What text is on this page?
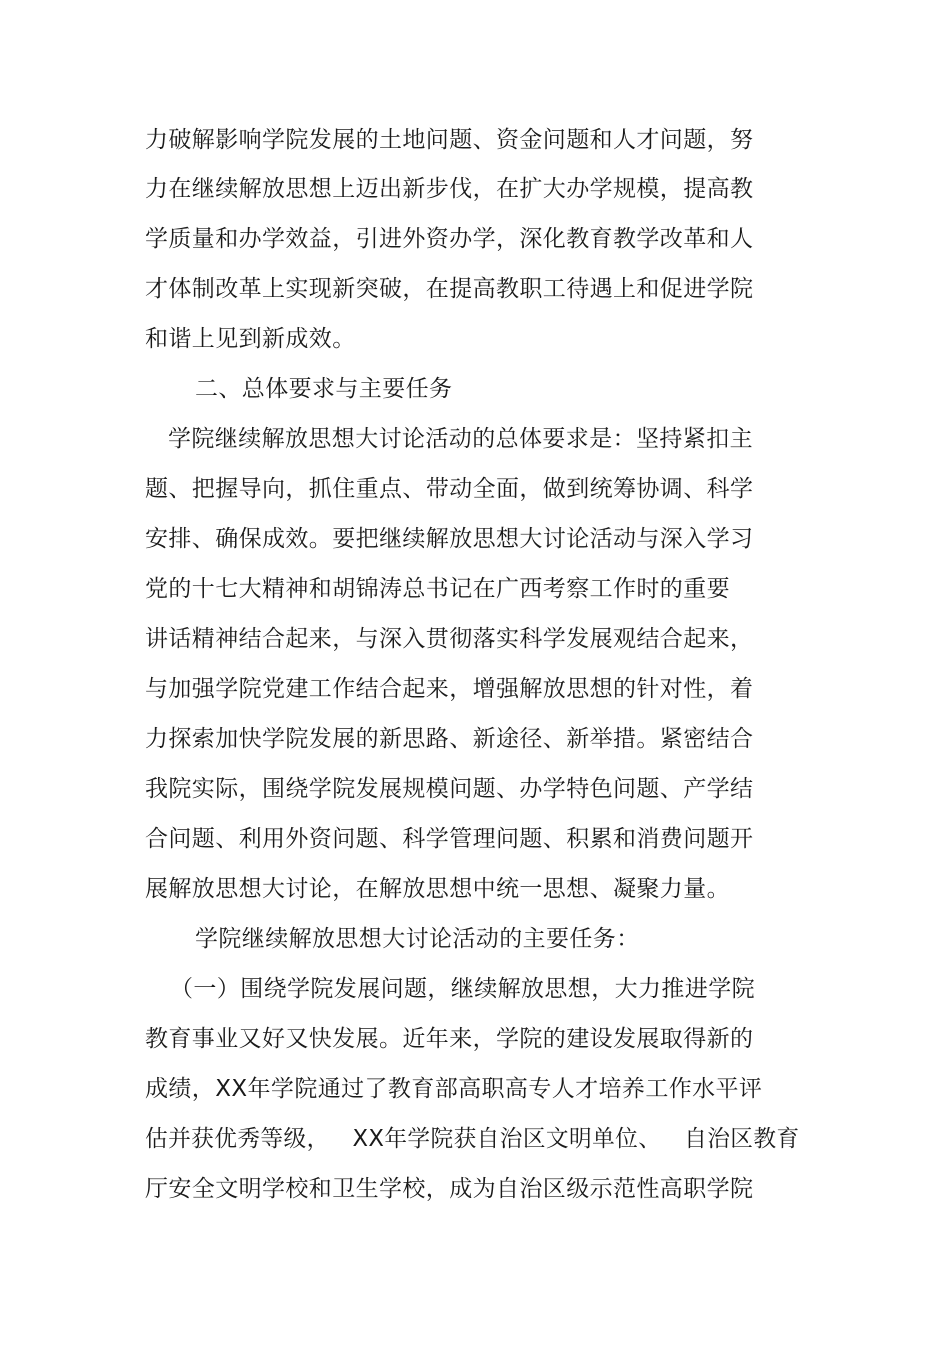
力破解影响学院发展的土地问题、资金问题和人才问题，努
力在继续解放思想上迈出新步伐，在扩大办学规模，提高教
学质量和办学效益，引进外资办学，深化教育教学改革和人
才体制改革上实现新突破，在提高教职工待遇上和促进学院
和谐上见到新成效。
二、总体要求与主要任务
学院继续解放思想大讨论活动的总体要求是：坚持紧扣主
题、把握导向，抓住重点、带动全面，做到统筹协调、科学
安排、确保成效。要把继续解放思想大讨论活动与深入学习
党的十七大精神和胡锦涛总书记在广西考察工作时的重要
讲话精神结合起来，与深入贯彻落实科学发展观结合起来，
与加强学院党建工作结合起来，增强解放思想的针对性，着
力探索加快学院发展的新思路、新途径、新举措。紧密结合
我院实际，围绕学院发展规模问题、办学特色问题、产学结
合问题、利用外资问题、科学管理问题、积累和消费问题开
展解放思想大讨论，在解放思想中统一思想、凝聚力量。
学院继续解放思想大讨论活动的主要任务：
（一）围绕学院发展问题，继续解放思想，大力推进学院
教育事业又好又快发展。近年来，学院的建设发展取得新的
成绩，XX年学院通过了教育部高职高专人才培养工作水平评
估并获优秀等级，   XX年学院获自治区文明单位、   自治区教育
厅安全文明学校和卫生学校，成为自治区级示范性高职学院
